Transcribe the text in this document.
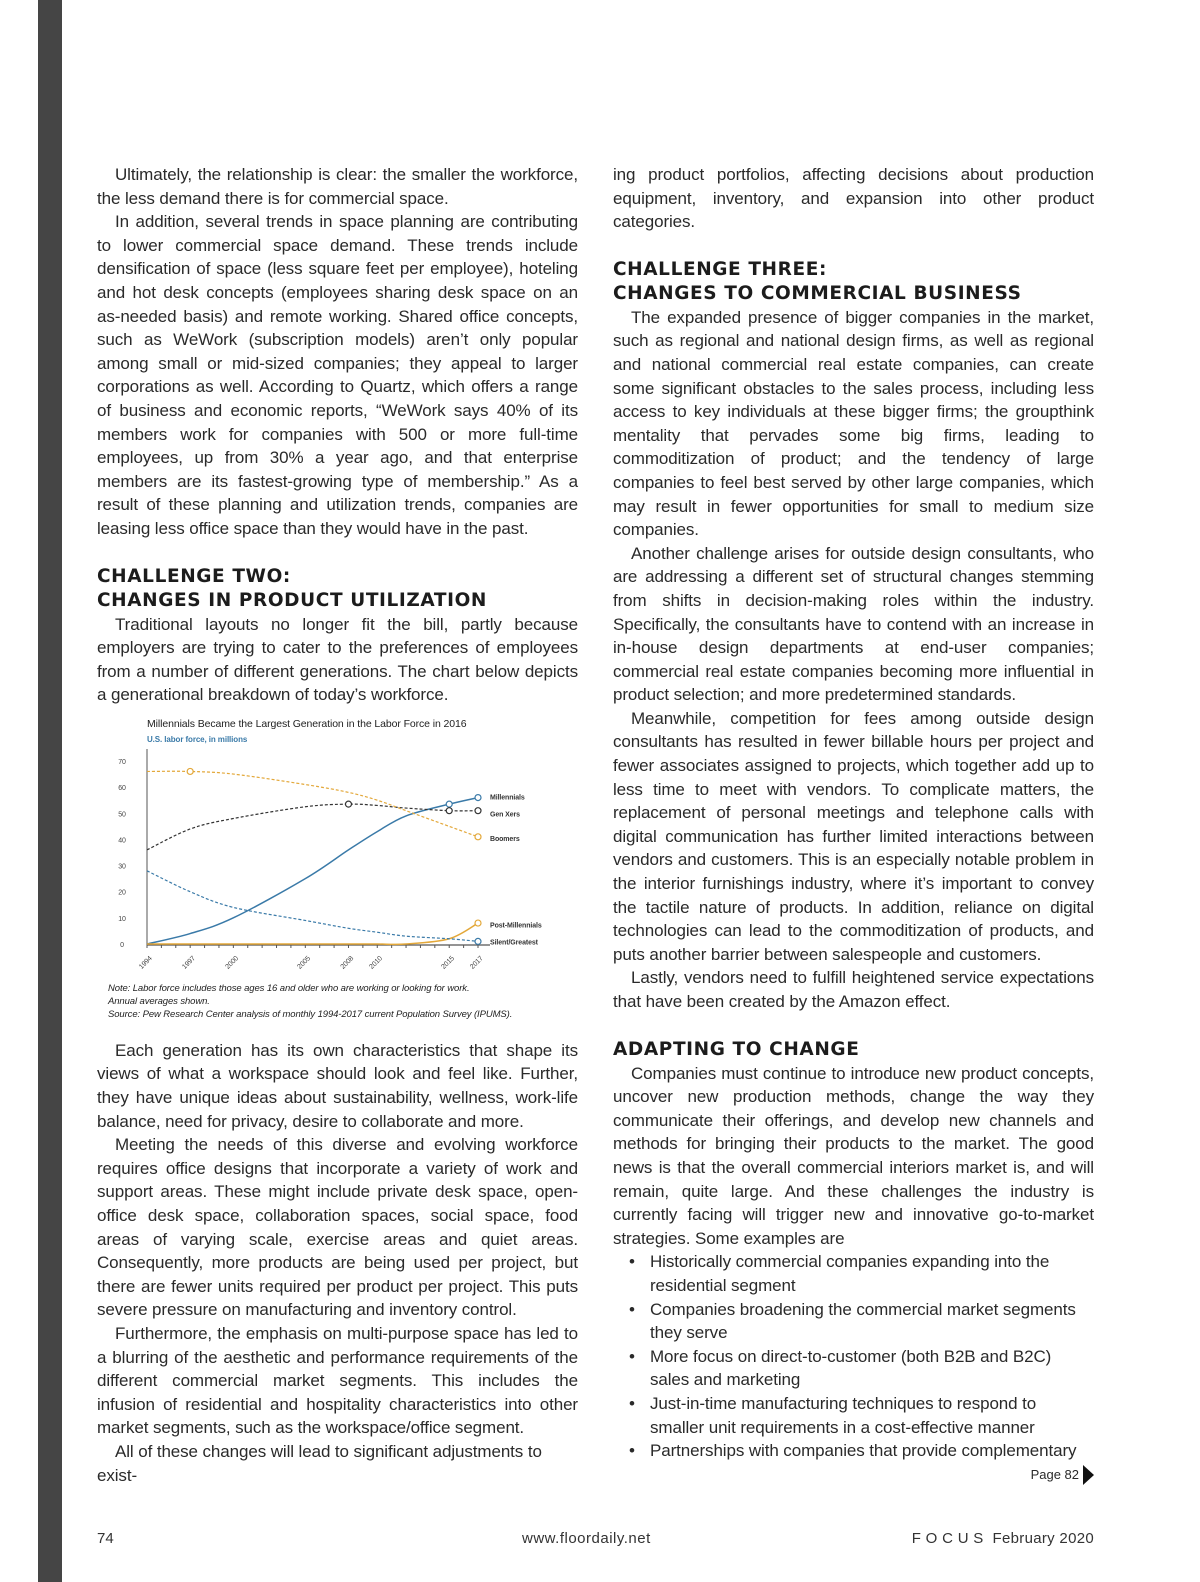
Ultimately, the relationship is clear: the smaller the workforce, the less demand there is for commercial space.

In addition, several trends in space planning are contributing to lower commercial space demand. These trends include densification of space (less square feet per employee), hoteling and hot desk concepts (employees sharing desk space on an as-needed basis) and remote working. Shared office concepts, such as WeWork (subscription models) aren’t only popular among small or mid-sized companies; they appeal to larger corporations as well. According to Quartz, which offers a range of business and economic reports, “WeWork says 40% of its members work for companies with 500 or more full-time employees, up from 30% a year ago, and that enterprise members are its fastest-growing type of membership.” As a result of these planning and utilization trends, companies are leasing less office space than they would have in the past.

CHALLENGE TWO:
CHANGES IN PRODUCT UTILIZATION

Traditional layouts no longer fit the bill, partly because employers are trying to cater to the preferences of employees from a number of different generations. The chart below depicts a generational breakdown of today’s workforce.

Millennials Became the Largest Generation in the Labor Force in 2016
U.S. labor force, in millions
0
10
20
30
40
50
60
70
1994	1997	2000	2005	2008 2010	2015 2017
Millennials
Gen Xers
Boomers
Post-Millennials
Silent/Greatest
Note: Labor force includes those ages 16 and older who are working or looking for work.
Annual averages shown.
Source: Pew Research Center analysis of monthly 1994-2017 current Population Survey (IPUMS).

Each generation has its own characteristics that shape its views of what a workspace should look and feel like. Further, they have unique ideas about sustainability, wellness, work-life balance, need for privacy, desire to collaborate and more.

Meeting the needs of this diverse and evolving workforce requires office designs that incorporate a variety of work and support areas. These might include private desk space, open-office desk space, collaboration spaces, social space, food areas of varying scale, exercise areas and quiet areas. Consequently, more products are being used per project, but there are fewer units required per product per project. This puts severe pressure on manufacturing and inventory control.

Furthermore, the emphasis on multi-purpose space has led to a blurring of the aesthetic and performance requirements of the different commercial market segments. This includes the infusion of residential and hospitality characteristics into other market segments, such as the workspace/office segment.

All of these changes will lead to significant adjustments to exist-

ing product portfolios, affecting decisions about production equipment, inventory, and expansion into other product categories.

CHALLENGE THREE:
CHANGES TO COMMERCIAL BUSINESS

The expanded presence of bigger companies in the market, such as regional and national design firms, as well as regional and national commercial real estate companies, can create some significant obstacles to the sales process, including less access to key individuals at these bigger firms; the groupthink mentality that pervades some big firms, leading to commoditization of product; and the tendency of large companies to feel best served by other large companies, which may result in fewer opportunities for small to medium size companies.

Another challenge arises for outside design consultants, who are addressing a different set of structural changes stemming from shifts in decision-making roles within the industry. Specifically, the consultants have to contend with an increase in in-house design departments at end-user companies; commercial real estate companies becoming more influential in product selection; and more predetermined standards.

Meanwhile, competition for fees among outside design consultants has resulted in fewer billable hours per project and fewer associates assigned to projects, which together add up to less time to meet with vendors. To complicate matters, the replacement of personal meetings and telephone calls with digital communication has further limited interactions between vendors and customers. This is an especially notable problem in the interior furnishings industry, where it’s important to convey the tactile nature of products. In addition, reliance on digital technologies can lead to the commoditization of products, and puts another barrier between salespeople and customers.

Lastly, vendors need to fulfill heightened service expectations that have been created by the Amazon effect.

ADAPTING TO CHANGE

Companies must continue to introduce new product concepts, uncover new production methods, change the way they communicate their offerings, and develop new channels and methods for bringing their products to the market. The good news is that the overall commercial interiors market is, and will remain, quite large. And these challenges the industry is currently facing will trigger new and innovative go-to-market strategies. Some examples are

• Historically commercial companies expanding into the residential segment
• Companies broadening the commercial market segments they serve
• More focus on direct-to-customer (both B2B and B2C) sales and marketing
• Just-in-time manufacturing techniques to respond to smaller unit requirements in a cost-effective manner
• Partnerships with companies that provide complementary
Page 82
74	www.floordaily.net	F O C U S  February 2020
